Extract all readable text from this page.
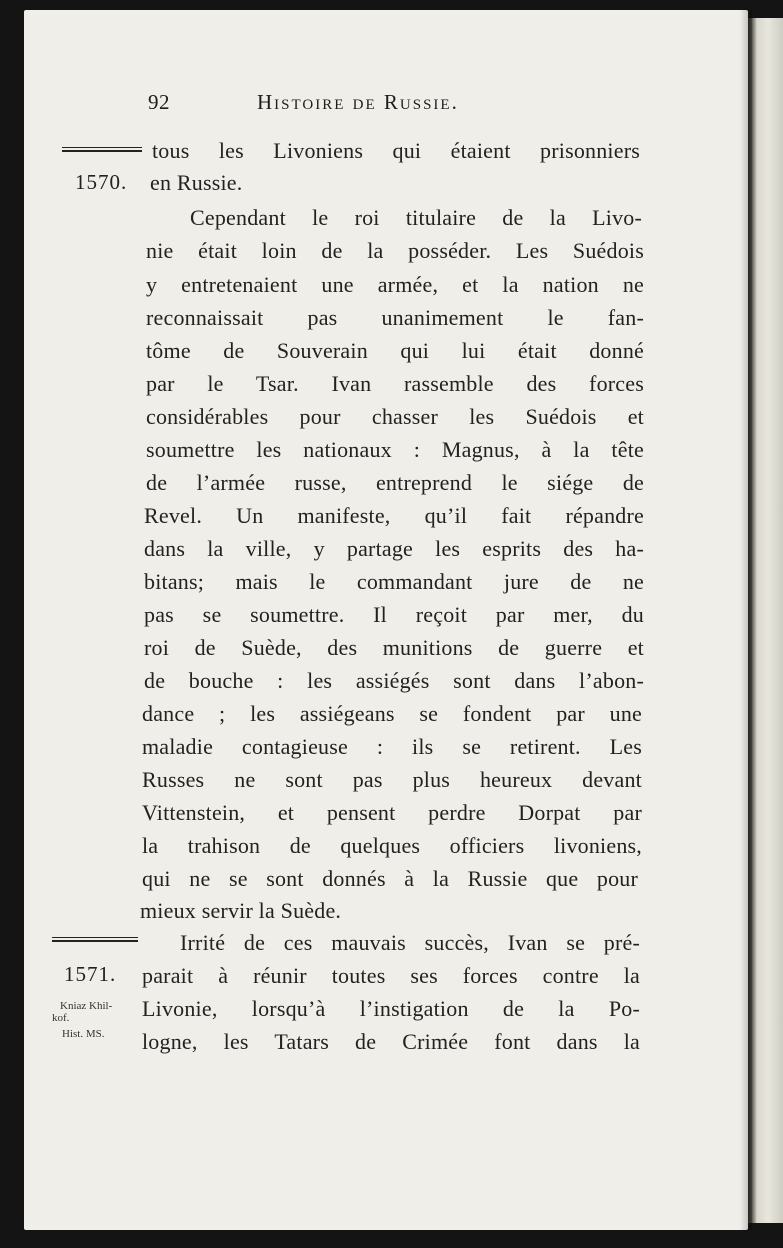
92	Histoire de Russie.
1570.
1571.
Kniaz Khil-
kof.
Hist. MS.
tous les Livoniens qui étaient prisonniers
en Russie.
Cependant le roi titulaire de la Livo-
nie était loin de la posséder. Les Suédois
y entretenaient une armée, et la nation ne
reconnaissait pas unanimement le fan-
tôme de Souverain qui lui était donné
par le Tsar. Ivan rassemble des forces
considérables pour chasser les Suédois et
soumettre les nationaux : Magnus, à la tête
de l’armée russe, entreprend le siége de
Revel. Un manifeste, qu’il fait répandre
dans la ville, y partage les esprits des ha-
bitans; mais le commandant jure de ne
pas se soumettre. Il reçoit par mer, du
roi de Suède, des munitions de guerre et
de bouche : les assiégés sont dans l’abon-
dance ; les assiégeans se fondent par une
maladie contagieuse : ils se retirent. Les
Russes ne sont pas plus heureux devant
Vittenstein, et pensent perdre Dorpat par
la trahison de quelques officiers livoniens,
qui ne se sont donnés à la Russie que pour
mieux servir la Suède.
Irrité de ces mauvais succès, Ivan se pré-
parait à réunir toutes ses forces contre la
Livonie, lorsqu’à l’instigation de la Po-
logne, les Tatars de Crimée font dans la
